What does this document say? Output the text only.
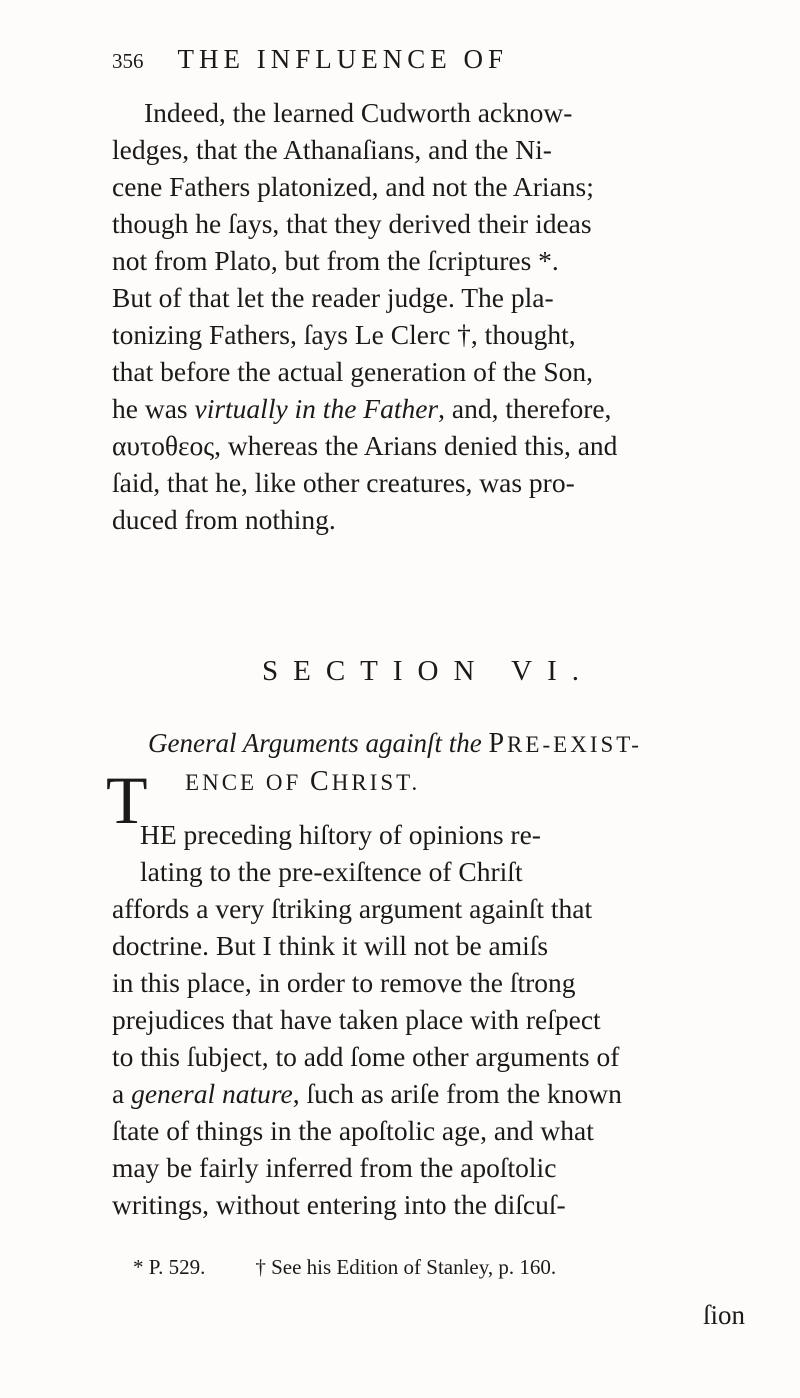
356 THE INFLUENCE OF
Indeed, the learned Cudworth acknow-
ledges, that the Athanaſians, and the Ni-
cene Fathers platonized, and not the Arians;
though he ſays, that they derived their ideas
not from Plato, but from the ſcriptures *.
But of that let the reader judge. The pla-
tonizing Fathers, ſays Le Clerc †, thought,
that before the actual generation of the Son,
he was virtually in the Father, and, therefore,
αυτοθεος, whereas the Arians denied this, and
ſaid, that he, like other creatures, was pro-
duced from nothing.
SECTION VI.
General Arguments againſt the PRE-EXIST-
ENCE OF CHRIST.
T
HE preceding hiſtory of opinions re-
lating to the pre-exiſtence of Chriſt
affords a very ſtriking argument againſt that
doctrine. But I think it will not be amiſs
in this place, in order to remove the ſtrong
prejudices that have taken place with reſpect
to this ſubject, to add ſome other arguments of
a general nature, ſuch as ariſe from the known
ſtate of things in the apoſtolic age, and what
may be fairly inferred from the apoſtolic
writings, without entering into the diſcuſ-
* P. 529. † See his Edition of Stanley, p. 160.
ſion
